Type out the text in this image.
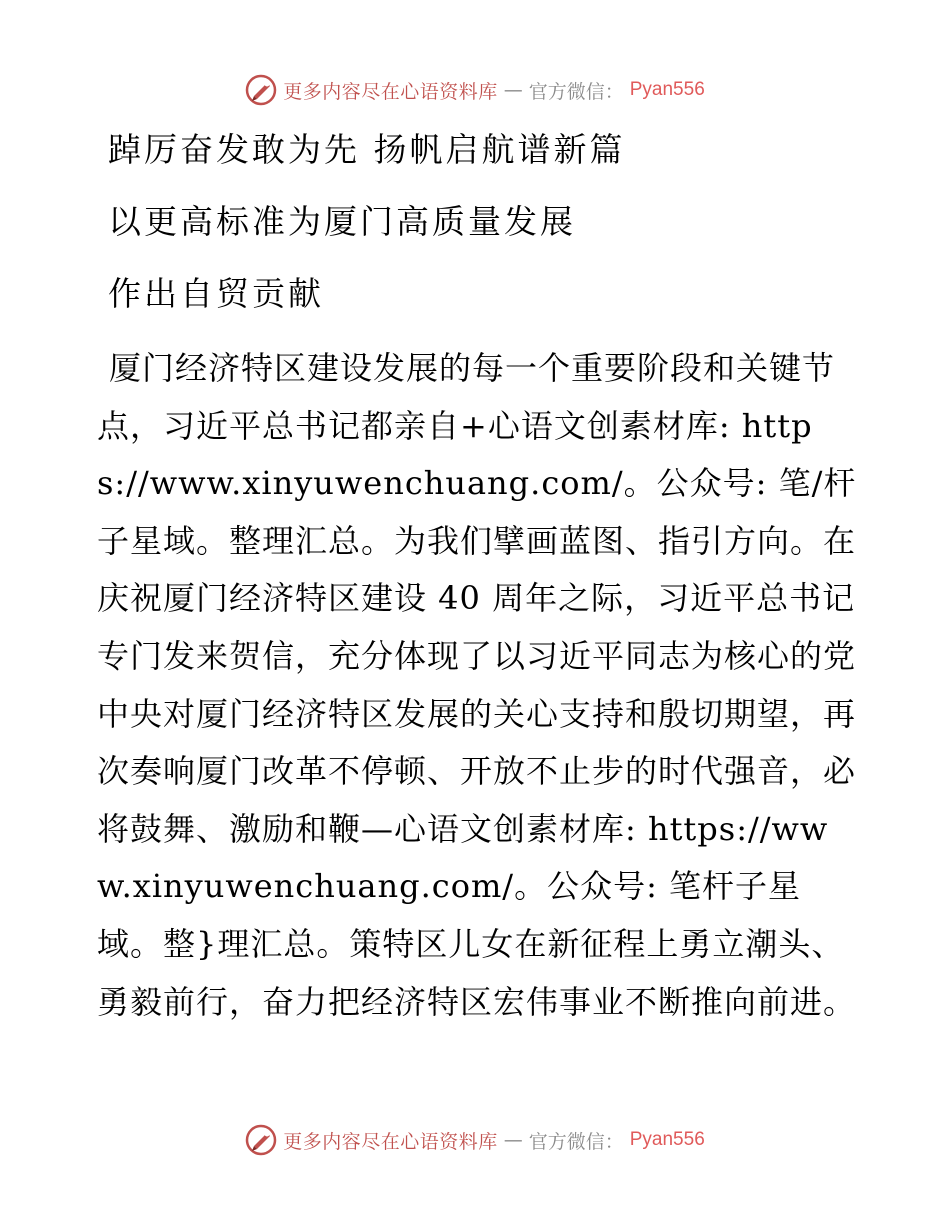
更多内容尽在心语资料库 — 官方微信： Pyan556
踔厉奋发敢为先 扬帆启航谱新篇
以更高标准为厦门高质量发展
作出自贸贡献
厦门经济特区建设发展的每一个重要阶段和关键节点，习近平总书记都亲自+心语文创素材库: https://www.xinyuwenchuang.com/。公众号: 笔/杆子星域。整理汇总。为我们擘画蓝图、指引方向。在庆祝厦门经济特区建设 40 周年之际，习近平总书记专门发来贺信，充分体现了以习近平同志为核心的党中央对厦门经济特区发展的关心支持和殷切期望，再次奏响厦门改革不停顿、开放不止步的时代强音，必将鼓舞、激励和鞭—心语文创素材库: https://www.xinyuwenchuang.com/。公众号: 笔杆子星域。整}理汇总。策特区儿女在新征程上勇立潮头、勇毅前行，奋力把经济特区宏伟事业不断推向前进。
更多内容尽在心语资料库 — 官方微信： Pyan556
